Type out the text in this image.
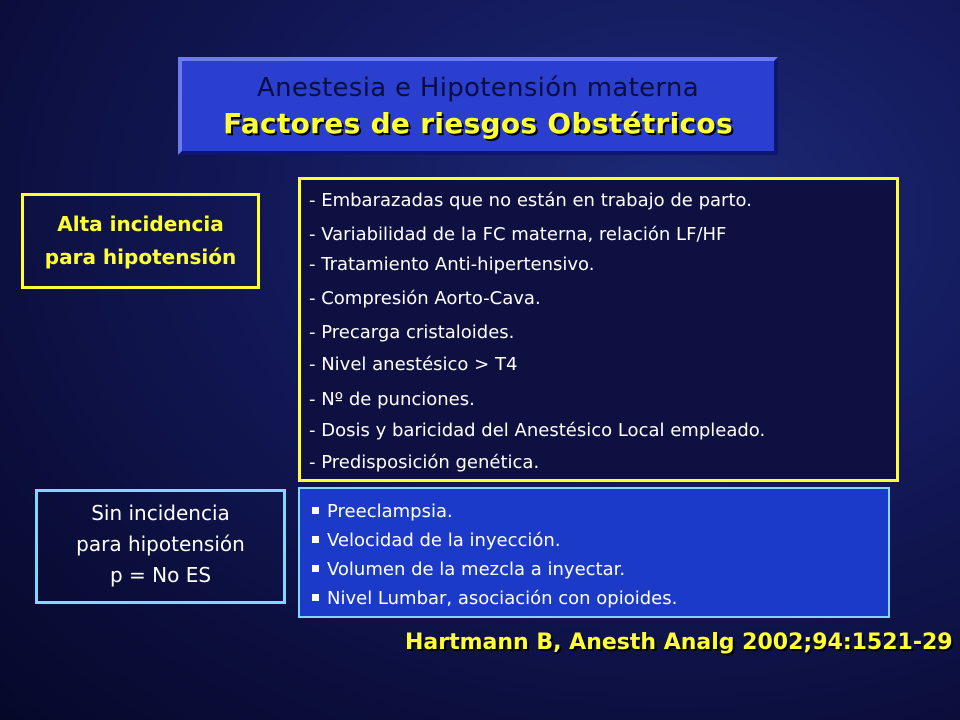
Anestesia e Hipotensión materna
Factores de riesgos Obstétricos
Alta incidencia
para hipotensión
- Embarazadas que no están en trabajo de parto.
- Variabilidad de la FC materna, relación LF/HF
- Tratamiento Anti-hipertensivo.
- Compresión Aorto-Cava.
- Precarga cristaloides.
- Nivel anestésico > T4
- Nº de punciones.
- Dosis y baricidad del Anestésico Local empleado.
- Predisposición genética.
Sin incidencia
para hipotensión
p = No ES
Preeclampsia.
Velocidad de la inyección.
Volumen de la mezcla a inyectar.
Nivel Lumbar, asociación con opioides.
Hartmann B, Anesth Analg 2002;94:1521-29
